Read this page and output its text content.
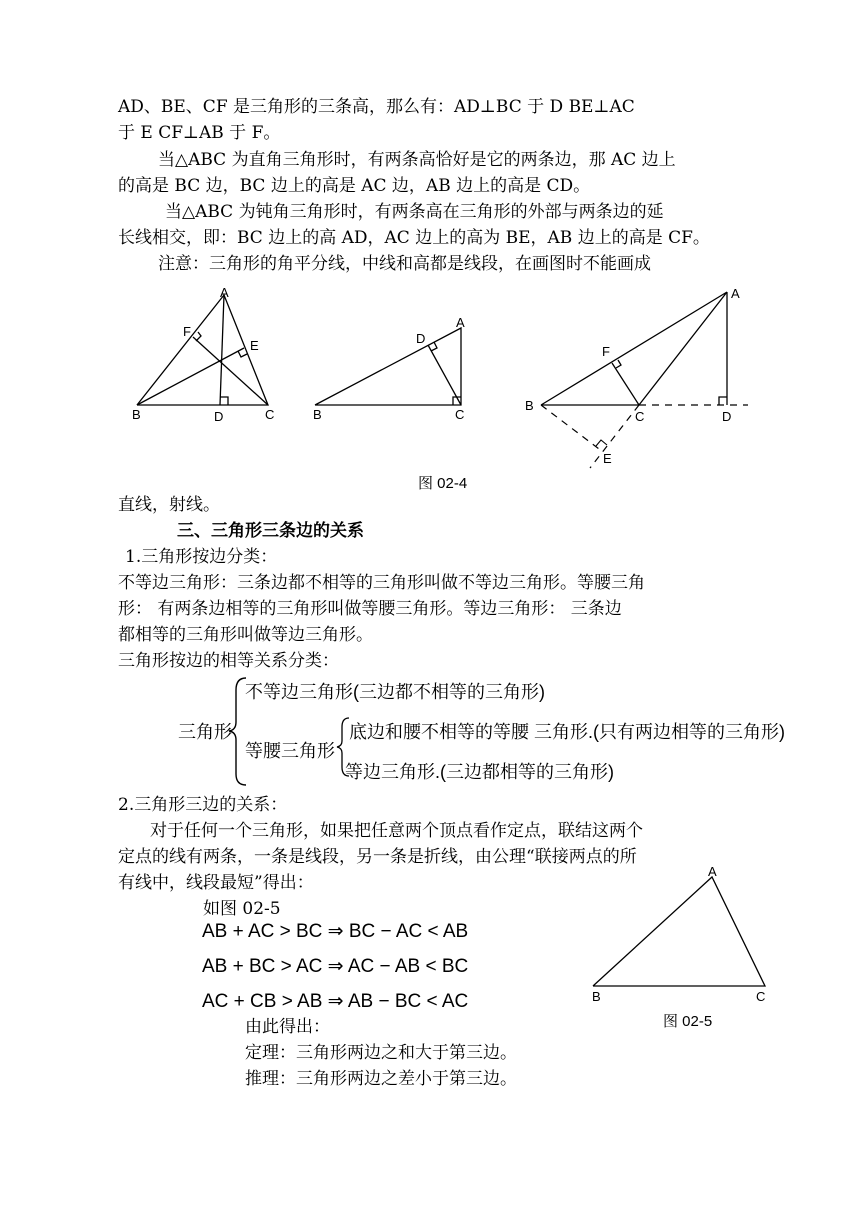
AD、BE、CF 是三角形的三条高，那么有：AD⊥BC 于 D BE⊥AC
于 E CF⊥AB 于 F。
当△ABC 为直角三角形时，有两条高恰好是它的两条边，那 AC 边上
的高是 BC 边，BC 边上的高是 AC 边，AB 边上的高是 CD。
当△ABC 为钝角三角形时，有两条高在三角形的外部与两条边的延
长线相交，即：BC 边上的高 AD，AC 边上的高为 BE，AB 边上的高是 CF。
注意：三角形的角平分线，中线和高都是线段，在画图时不能画成
A
B	C
D
E
F
A
B	C
D
A
B
C	D
E
F
图 02-4
直线，射线。
三、三角形三条边的关系
1.三角形按边分类：
不等边三角形：三条边都不相等的三角形叫做不等边三角形。等腰三角
形： 有两条边相等的三角形叫做等腰三角形。等边三角形： 三条边
都相等的三角形叫做等边三角形。
三角形按边的相等关系分类：
三角形
不等边三角形(三边都不相等的三角形)
等腰三角形
底边和腰不相等的等腰 三角形.(只有两边相等的三角形)
等边三角形.(三边都相等的三角形)
2.三角形三边的关系：
对于任何一个三角形，如果把任意两个顶点看作定点，联结这两个
定点的线有两条，一条是线段，另一条是折线，由公理“联接两点的所
有线中，线段最短”得出：
如图 02-5
AB + AC > BC ⇒ BC − AC < AB
AB + BC > AC ⇒ AC − AB < BC
AC + CB > AB ⇒ AB − BC < AC
由此得出：
定理：三角形两边之和大于第三边。
推理：三角形两边之差小于第三边。
A
B	C
图 02-5
